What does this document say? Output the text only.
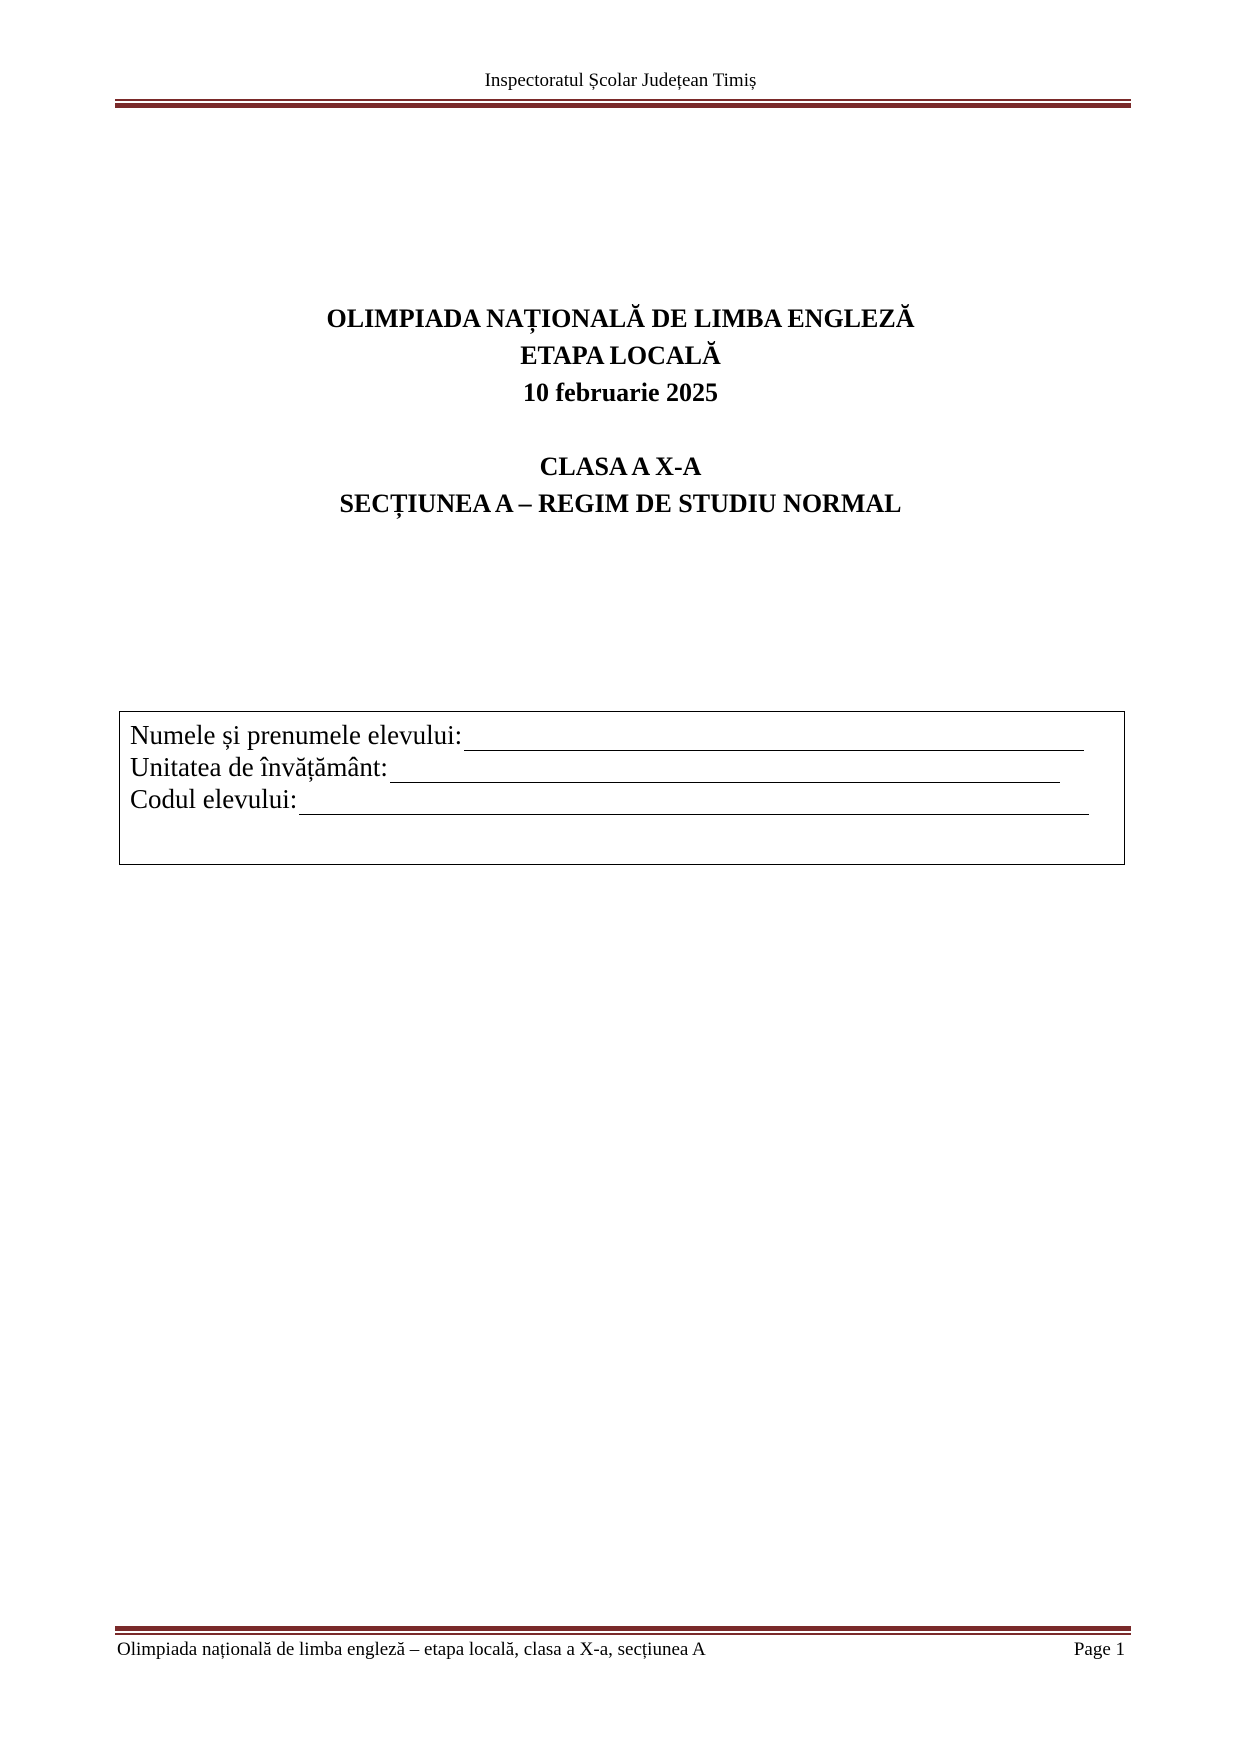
Inspectoratul Școlar Județean Timiș
OLIMPIADA NAȚIONALĂ DE LIMBA ENGLEZĂ
ETAPA LOCALĂ
10 februarie 2025
CLASA A X-A
SECȚIUNEA A – REGIM DE STUDIU NORMAL
Numele și prenumele elevului:
Unitatea de învățământ:
Codul elevului:
Olimpiada națională de limba engleză – etapa locală, clasa a X-a, secțiunea A	Page 1
